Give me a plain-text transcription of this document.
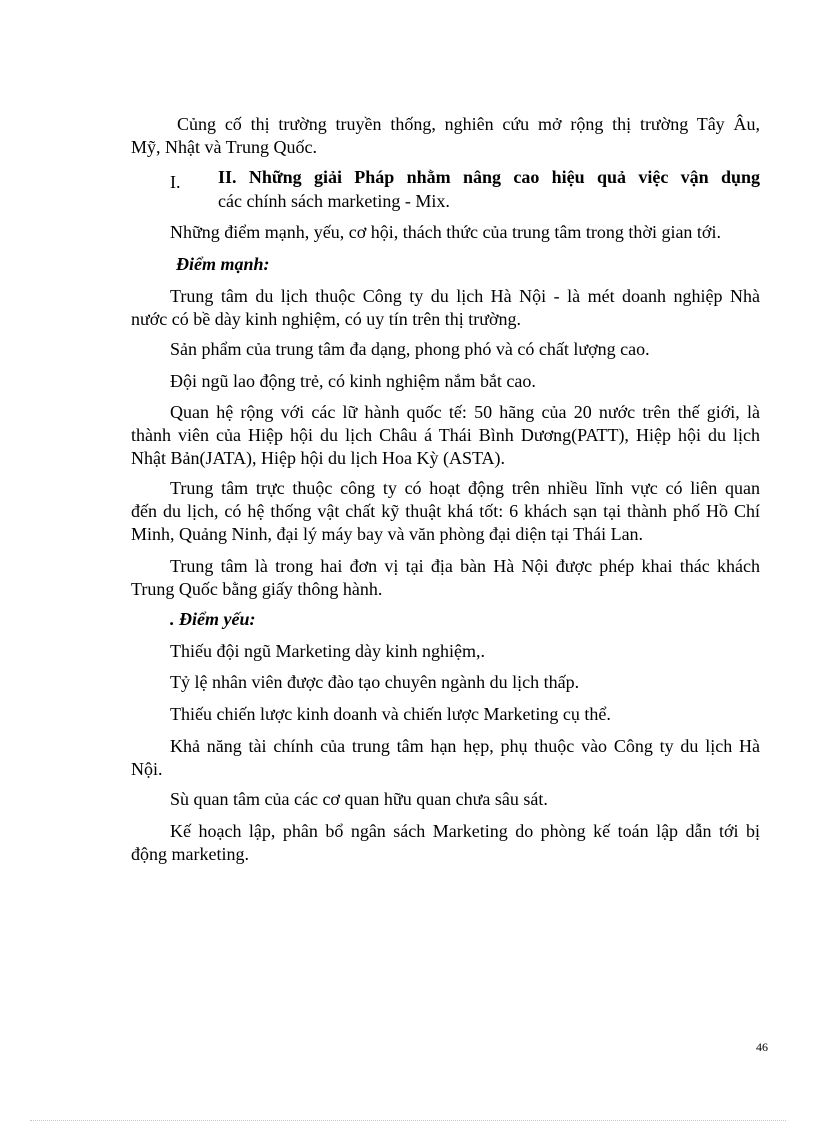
Củng cố thị trường truyền thống, nghiên cứu mở rộng thị trường Tây Âu,
Mỹ, Nhật và Trung Quốc.
I. II. Những giải Pháp nhằm nâng cao hiệu quả việc vận dụng
các chính sách marketing - Mix.
Những điểm mạnh, yếu, cơ hội, thách thức của trung tâm trong thời gian tới.
Điểm mạnh:
Trung tâm du lịch thuộc Công ty du lịch Hà Nội - là mét doanh nghiệp Nhà
nước có bề dày kinh nghiệm, có uy tín trên thị trường.
Sản phẩm của trung tâm đa dạng, phong phó và có chất lượng cao.
Đội ngũ lao động trẻ, có kinh nghiệm nắm bắt cao.
Quan hệ rộng với các lữ hành quốc tế: 50 hãng của 20 nước trên thế giới, là
thành viên của Hiệp hội du lịch Châu á Thái Bình Dương(PATT), Hiệp hội du lịch
Nhật Bản(JATA), Hiệp hội du lịch Hoa Kỳ (ASTA).
Trung tâm trực thuộc công ty có hoạt động trên nhiều lĩnh vực có liên quan
đến du lịch, có hệ thống vật chất kỹ thuật khá tốt: 6 khách sạn tại thành phố Hồ Chí
Minh, Quảng Ninh, đại lý máy bay và văn phòng đại diện tại Thái Lan.
Trung tâm là trong hai đơn vị tại địa bàn Hà Nội được phép khai thác khách
Trung Quốc bằng giấy thông hành.
. Điểm yếu:
Thiếu đội ngũ Marketing dày kinh nghiệm,.
Tỷ lệ nhân viên được đào tạo chuyên ngành du lịch thấp.
Thiếu chiến lược kinh doanh và chiến lược Marketing cụ thể.
Khả năng tài chính của trung tâm hạn hẹp, phụ thuộc vào Công ty du lịch Hà
Nội.
Sù quan tâm của các cơ quan hữu quan chưa sâu sát.
Kế hoạch lập, phân bổ ngân sách Marketing do phòng kế toán lập dẫn tới bị
động marketing.
46
